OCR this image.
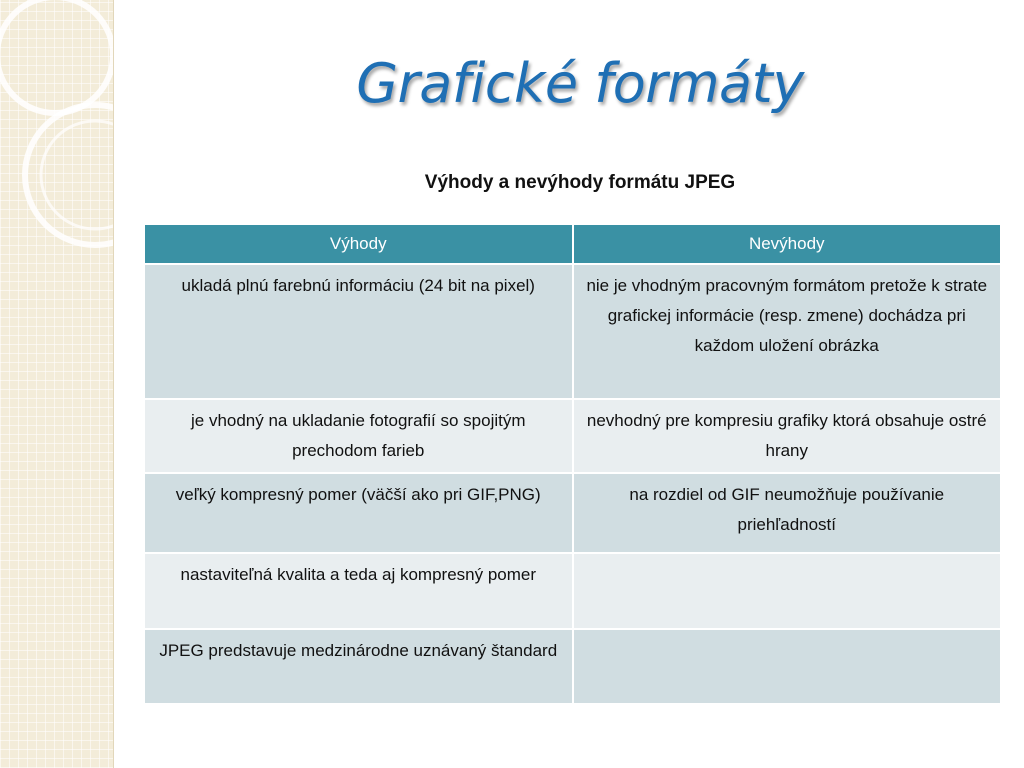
Grafické formáty
Výhody a nevýhody formátu JPEG
Výhody	Nevýhody
ukladá plnú farebnú informáciu (24 bit na pixel)	nie je vhodným pracovným formátom pretože k strate grafickej informácie (resp. zmene) dochádza pri každom uložení obrázka
je vhodný na ukladanie fotografií so spojitým prechodom farieb	nevhodný pre kompresiu grafiky ktorá obsahuje ostré hrany
veľký kompresný pomer (väčší ako pri GIF,PNG)	na rozdiel od GIF neumožňuje používanie priehľadností
nastaviteľná kvalita a teda aj kompresný pomer	
JPEG predstavuje medzinárodne uznávaný štandard	
